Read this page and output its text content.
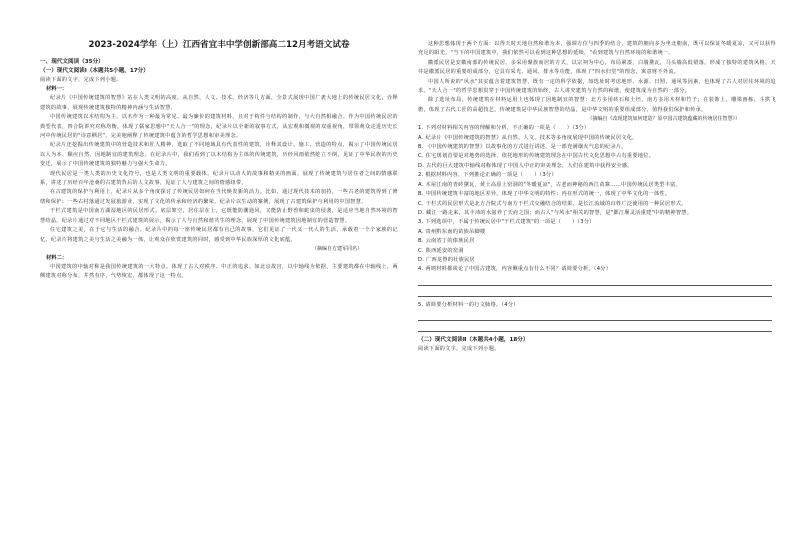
2023-2024学年（上）江西省宜丰中学创新部高二12月考语文试卷
一、现代文阅读（35分）
（一）现代文阅读Ⅰ（本题共5小题，17分）

阅读下面的文字，完成下列小题。

材料一：

纪录片《中国传统建筑的智慧》站在人类文明的高度，从自然、人文、技术、经济等几方面，全景式展现中国广袤大地上的传统民居文化，诠释建筑的故事，展现传统建筑独特的精神内涵与生活智慧。

中国传统建筑以木结构为主，以木作为一种最为常见、最为廉价的建筑材料，且对于构件与结构的制作，与大自然相融合。作为中国传统民居的典型代表，四合院讲究对称均衡，体现了儒家思想中"天人合一"的理念，纪录片以全新的叙事方式，从宏观和微观的双重视角，带领观众走进历史长河中传统民居的"诗意栖居"，完美地阐释了传统建筑中蕴含的哲学思想和审美理念。

纪录片还挖掘出传统建筑中的营造技术和匠人精神，选取了不同地域具有代表性的建筑，诠释其设计、施工、营造的特点，揭示了中国传统民居以人为本、顺应自然、因地制宜的建筑理念。在纪录片中，我们看到了以木结构为主体的传统建筑，历经风雨依然屹立不倒，见证了中华民族的历史变迁，展示了中国传统建筑的独特魅力与强大生命力。

现代民居是一类人类的历史文化符号，也是人类文明的重要载体。纪录片以动人的故事和精美的画面，展现了传统建筑与居住者之间的情感联系，讲述了历经百年沧桑的古建筑背后的人文故事，见证了人与建筑之间的情感纽带。

在古建筑的保护与利用上，纪录片从多个角度探讨了传统民居如何在当代焕发新的活力。比如，通过现代技术的加持，一些古老的建筑得到了修缮和保护；一些古村落通过发展旅游业，实现了文化的传承和经济的繁荣。纪录片以生动的案例，展现了古建筑保护与利用的中国智慧。

干栏式建筑是中国南方湖湿地区的民居形式。底层架空，居住层在上，它既能防潮通风，又能防止野兽和蛇虫的侵袭，是适应当地自然环境的智慧结晶。纪录片通过对不同地区干栏式建筑的展示，揭示了人与自然和谐共生的理念，展现了中国传统建筑因地制宜的营造智慧。

住宅建筑之美，在于它与生活的融合。纪录片中的每一座传统民居都有自己的故事，它们见证了一代又一代人的生活，承载着一个个家族的记忆。纪录片将建筑之美与生活之美融为一体，让观众在欣赏建筑的同时，感受到中华民族深厚的文化底蕴。

（摘编自方建军同名）
材料二：

中国建筑的中轴对称是我国传统建筑的一大特点。体现了古人对秩序、中正的追求。如北京故宫，以中轴线为依据，主要建筑都在中轴线上，两侧建筑对称分布，井然有序，气势恢宏，都体现了这一特点。

这种思想体现于两个方面：以得天时天地自然和谐为本，强调方位与四季的结合，建筑的朝向多为坐北朝南，既可以保证冬暖夏凉，又可以获得充足的阳光。"当下的中国建筑中，我们依然可以看到这种思想的延续，"看到建筑与自然环境的和谐统一。

徽派民居是安徽南部的传统民居。多采用聚族而居的方式，以宗祠为中心，布局紧凑，白墙黛瓦，马头墙高低错落，形成了独特的建筑风格。天井是徽派民居的重要组成部分，它具有采光、通风、排水等功能，体现了"四水归堂"的理念，寓意财不外流。

中国人所说的"风水"其实蕴含着建筑智慧，既有一定的科学依据，如选址时考虑地形、水源、日照、通风等因素，也体现了古人对居住环境的追求。"天人合一"的哲学思想贯穿于中国传统建筑的始终，古人讲究建筑与自然的和谐，使建筑成为自然的一部分。

除了选址布局，传统建筑在材料运用上也体现了因地制宜的智慧：北方多用砖石和土坯，南方多用木材和竹子；在装饰上，雕梁画栋、斗拱飞檐，体现了古代工匠的高超技艺。传统建筑是中华民族智慧的结晶，是中华文明的重要组成部分，值得我们保护和传承。

（摘编自《改现建筑如何建造？原中国古建筑蕴藏的传统居住智慧》）

1. 下列对材料相关内容的理解和分析，不正确的一项是（　　）（3分）

A. 纪录片《中国传统建筑的智慧》从自然、人文、技术等多角度展现中国的传统民居文化。

B. 《中国传统建筑的智慧》以故事化的方式进行讲述，是一部充满烟火气息的纪录片。

C. 住宅规划首要是对地势的选择，依托地形的传统建筑理念在中国古代文化思想中占有重要地位。

D. 古代的巨大建筑中轴线对称体现了中国人中正的审美理念，人们在建筑中获得安全感。

2. 根据材料内容，下列推论正确的一项是（　　）（3分）

A. 木屋江南的青砖黛瓦，黄土高原上窑洞的"冬暖夏凉"，古老而神秘的西江苗寨……中国传统民居类型丰富。

B. 中国传统建筑丰富的地区差异，体现了中华文明的特性：内在形式的统一，体现了中华文化的一体性。

C. 干栏式的民居形式是北方合院式与南方干栏式交融结合的结果，是长江流域的百姓广泛使用的一种民居形式。

D. 藏江一路走来，其丰沛的水滋养了天府之国；而古人"与风水"相关的智慧，是"都江堰灵活重建"中的精神智慧。

3. 下列选项中，不属于传统民居中"干栏式建筑"的一项是（　　）（3分）

A. 贵州黔东南的苗族吊脚楼

B. 云南省丁的傣族民居

C. 陕西延安的窑洞

D. 广西龙脊的壮族民居

4. 两则材料都谈论了中国古建筑，内容侧重点有什么不同？请简要分析。（4分）

5. 请简要分析材料一的行文脉络。（4分）

（二）现代文阅读Ⅱ（本题共4小题，18分）

阅读下面的文字，完成下列小题。
